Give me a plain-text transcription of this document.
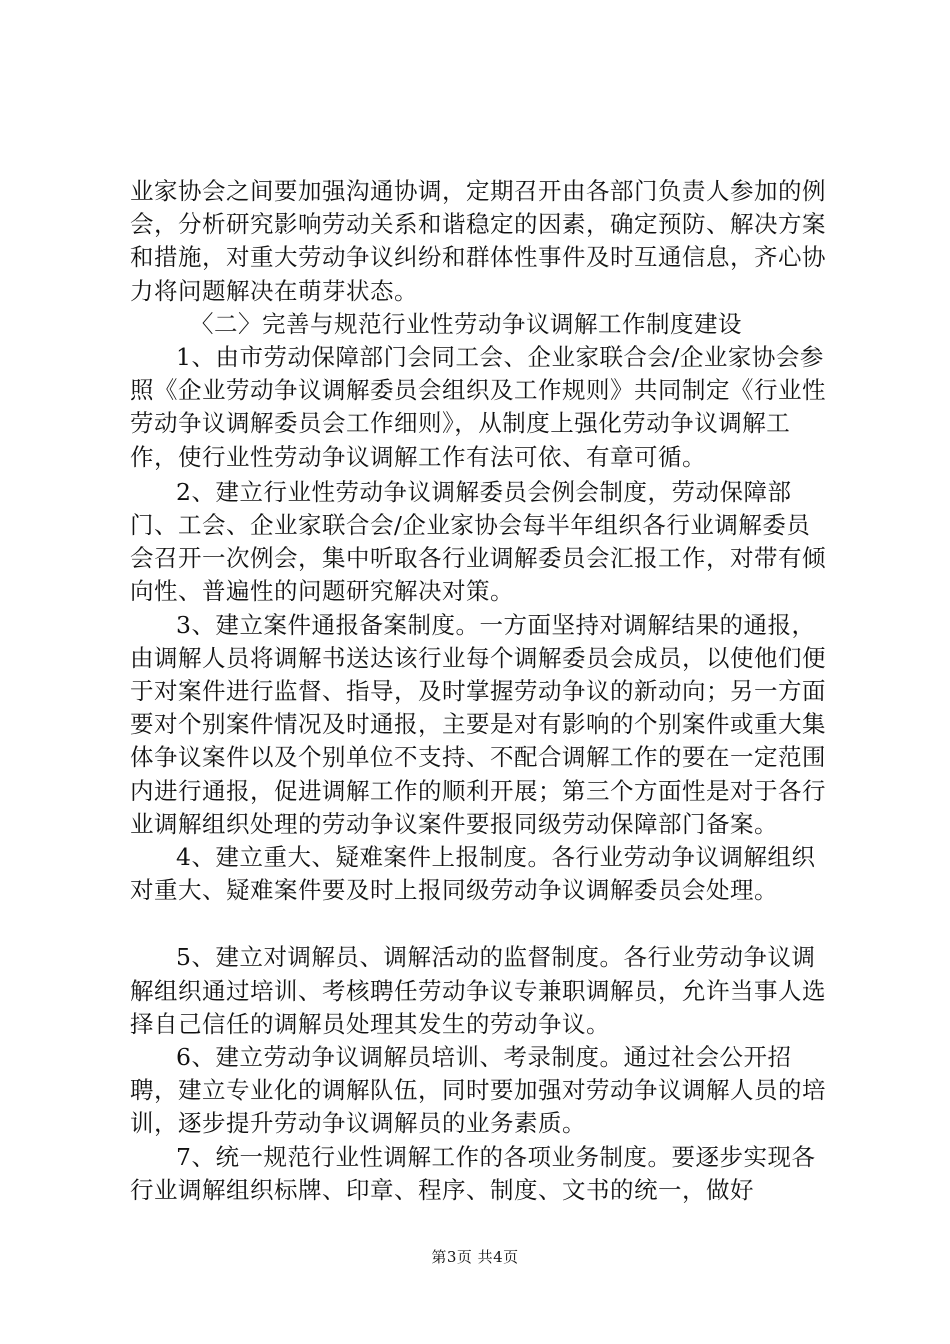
业家协会之间要加强沟通协调，定期召开由各部门负责人参加的例会，分析研究影响劳动关系和谐稳定的因素，确定预防、解决方案和措施，对重大劳动争议纠纷和群体性事件及时互通信息，齐心协力将问题解决在萌芽状态。

〈二〉完善与规范行业性劳动争议调解工作制度建设

1、由市劳动保障部门会同工会、企业家联合会/企业家协会参照《企业劳动争议调解委员会组织及工作规则》共同制定《行业性劳动争议调解委员会工作细则》，从制度上强化劳动争议调解工作，使行业性劳动争议调解工作有法可依、有章可循。

2、建立行业性劳动争议调解委员会例会制度，劳动保障部门、工会、企业家联合会/企业家协会每半年组织各行业调解委员会召开一次例会，集中听取各行业调解委员会汇报工作，对带有倾向性、普遍性的问题研究解决对策。

3、建立案件通报备案制度。一方面坚持对调解结果的通报，由调解人员将调解书送达该行业每个调解委员会成员，以使他们便于对案件进行监督、指导，及时掌握劳动争议的新动向；另一方面要对个别案件情况及时通报，主要是对有影响的个别案件或重大集体争议案件以及个别单位不支持、不配合调解工作的要在一定范围内进行通报，促进调解工作的顺利开展；第三个方面性是对于各行业调解组织处理的劳动争议案件要报同级劳动保障部门备案。

4、建立重大、疑难案件上报制度。各行业劳动争议调解组织对重大、疑难案件要及时上报同级劳动争议调解委员会处理。

5、建立对调解员、调解活动的监督制度。各行业劳动争议调解组织通过培训、考核聘任劳动争议专兼职调解员，允许当事人选择自己信任的调解员处理其发生的劳动争议。

6、建立劳动争议调解员培训、考录制度。通过社会公开招聘，建立专业化的调解队伍，同时要加强对劳动争议调解人员的培训，逐步提升劳动争议调解员的业务素质。

7、统一规范行业性调解工作的各项业务制度。要逐步实现各行业调解组织标牌、印章、程序、制度、文书的统一，做好

第3页 共4页
